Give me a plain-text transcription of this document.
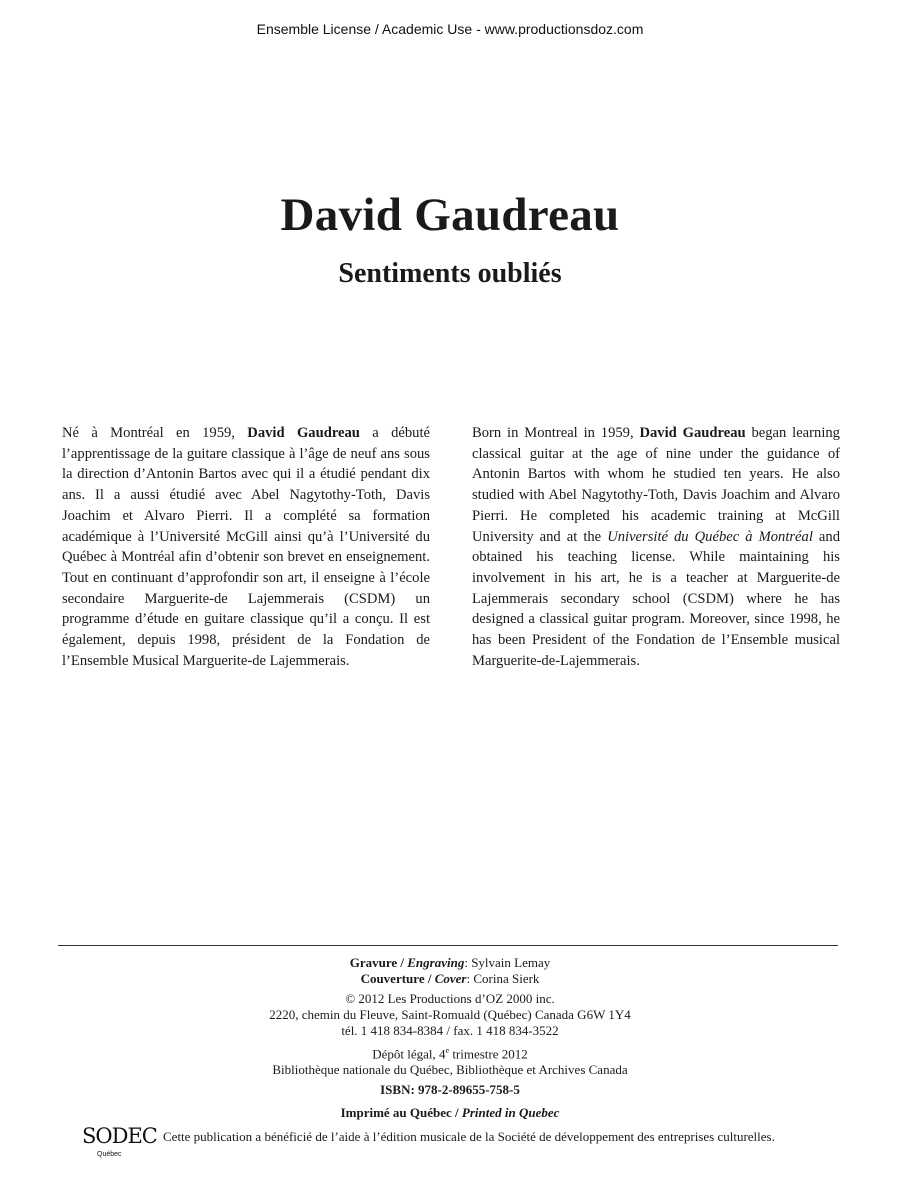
Ensemble License / Academic Use - www.productionsdoz.com
David Gaudreau
Sentiments oubliés
Né à Montréal en 1959, David Gaudreau a débuté l’apprentissage de la guitare classique à l’âge de neuf ans sous la direction d’Antonin Bartos avec qui il a étudié pendant dix ans. Il a aussi étudié avec Abel Nagytothy-Toth, Davis Joachim et Alvaro Pierri. Il a complété sa formation académique à l’Université McGill ainsi qu’à l’Université du Québec à Montréal afin d’obtenir son brevet en enseignement. Tout en continuant d’approfondir son art, il enseigne à l’école secondaire Marguerite-de Lajemmerais (CSDM) un programme d’étude en guitare classique qu’il a conçu. Il est également, depuis 1998, président de la Fondation de l’Ensemble Musical Marguerite-de Lajemmerais.
Born in Montreal in 1959, David Gaudreau began learning classical guitar at the age of nine under the guidance of Antonin Bartos with whom he studied ten years. He also studied with Abel Nagytothy-Toth, Davis Joachim and Alvaro Pierri. He completed his academic training at McGill University and at the Université du Québec à Montréal and obtained his teaching license. While maintaining his involvement in his art, he is a teacher at Marguerite-de Lajemmerais secondary school (CSDM) where he has designed a classical guitar program. Moreover, since 1998, he has been President of the Fondation de l’Ensemble musical Marguerite-de-Lajemmerais.
Gravure / Engraving: Sylvain Lemay
Couverture / Cover: Corina Sierk
© 2012 Les Productions d’OZ 2000 inc.
2220, chemin du Fleuve, Saint-Romuald (Québec) Canada G6W 1Y4
tél. 1 418 834-8384 / fax. 1 418 834-3522
Dépôt légal, 4e trimestre 2012
Bibliothèque nationale du Québec, Bibliothèque et Archives Canada
ISBN: 978-2-89655-758-5
Imprimé au Québec / Printed in Quebec
SODEC
Québec
Cette publication a bénéficié de l’aide à l’édition musicale de la Société de développement des entreprises culturelles.
